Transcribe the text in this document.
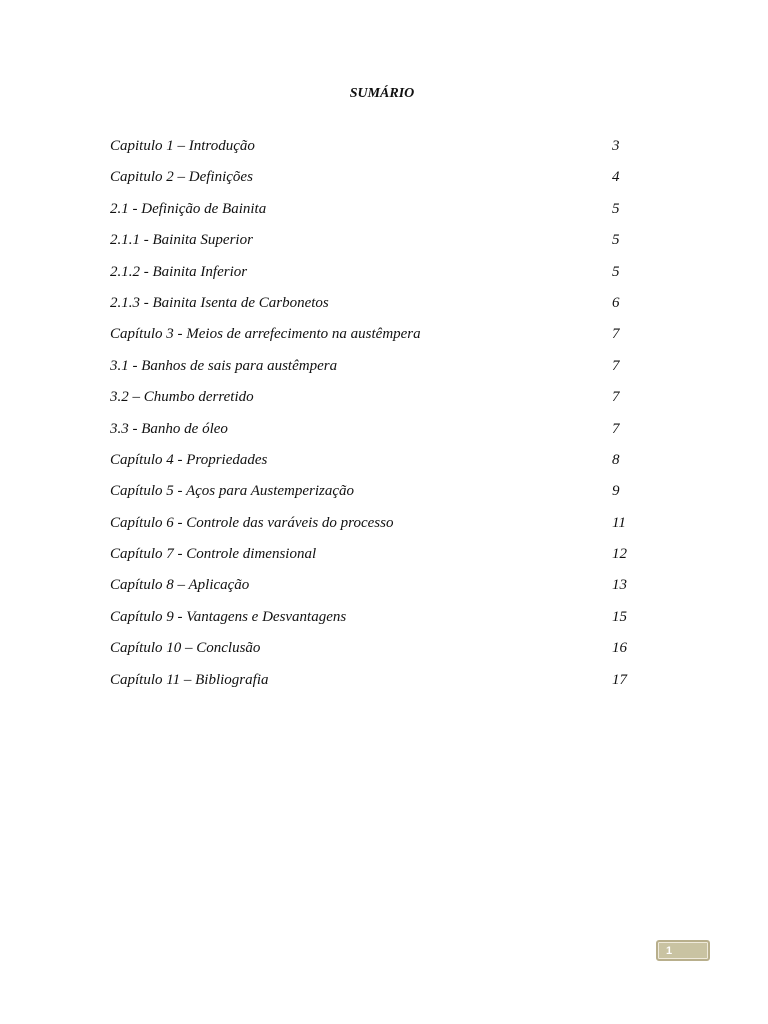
SUMÁRIO
Capitulo 1 – Introdução	3
Capitulo 2 – Definições	4
2.1 - Definição de Bainita	5
2.1.1 - Bainita Superior	5
2.1.2 - Bainita Inferior	5
2.1.3 - Bainita Isenta de Carbonetos	6
Capítulo 3 - Meios de arrefecimento na austêmpera	7
3.1 - Banhos de sais para austêmpera	7
3.2 – Chumbo derretido	7
3.3 - Banho de óleo	7
Capítulo 4 - Propriedades	8
Capítulo 5 - Aços para Austemperização	9
Capítulo 6 - Controle das varáveis do processo	11
Capítulo 7 - Controle dimensional	12
Capítulo 8 – Aplicação	13
Capítulo 9 - Vantagens e Desvantagens	15
Capítulo 10 – Conclusão	16
Capítulo 11 – Bibliografia	17
1
